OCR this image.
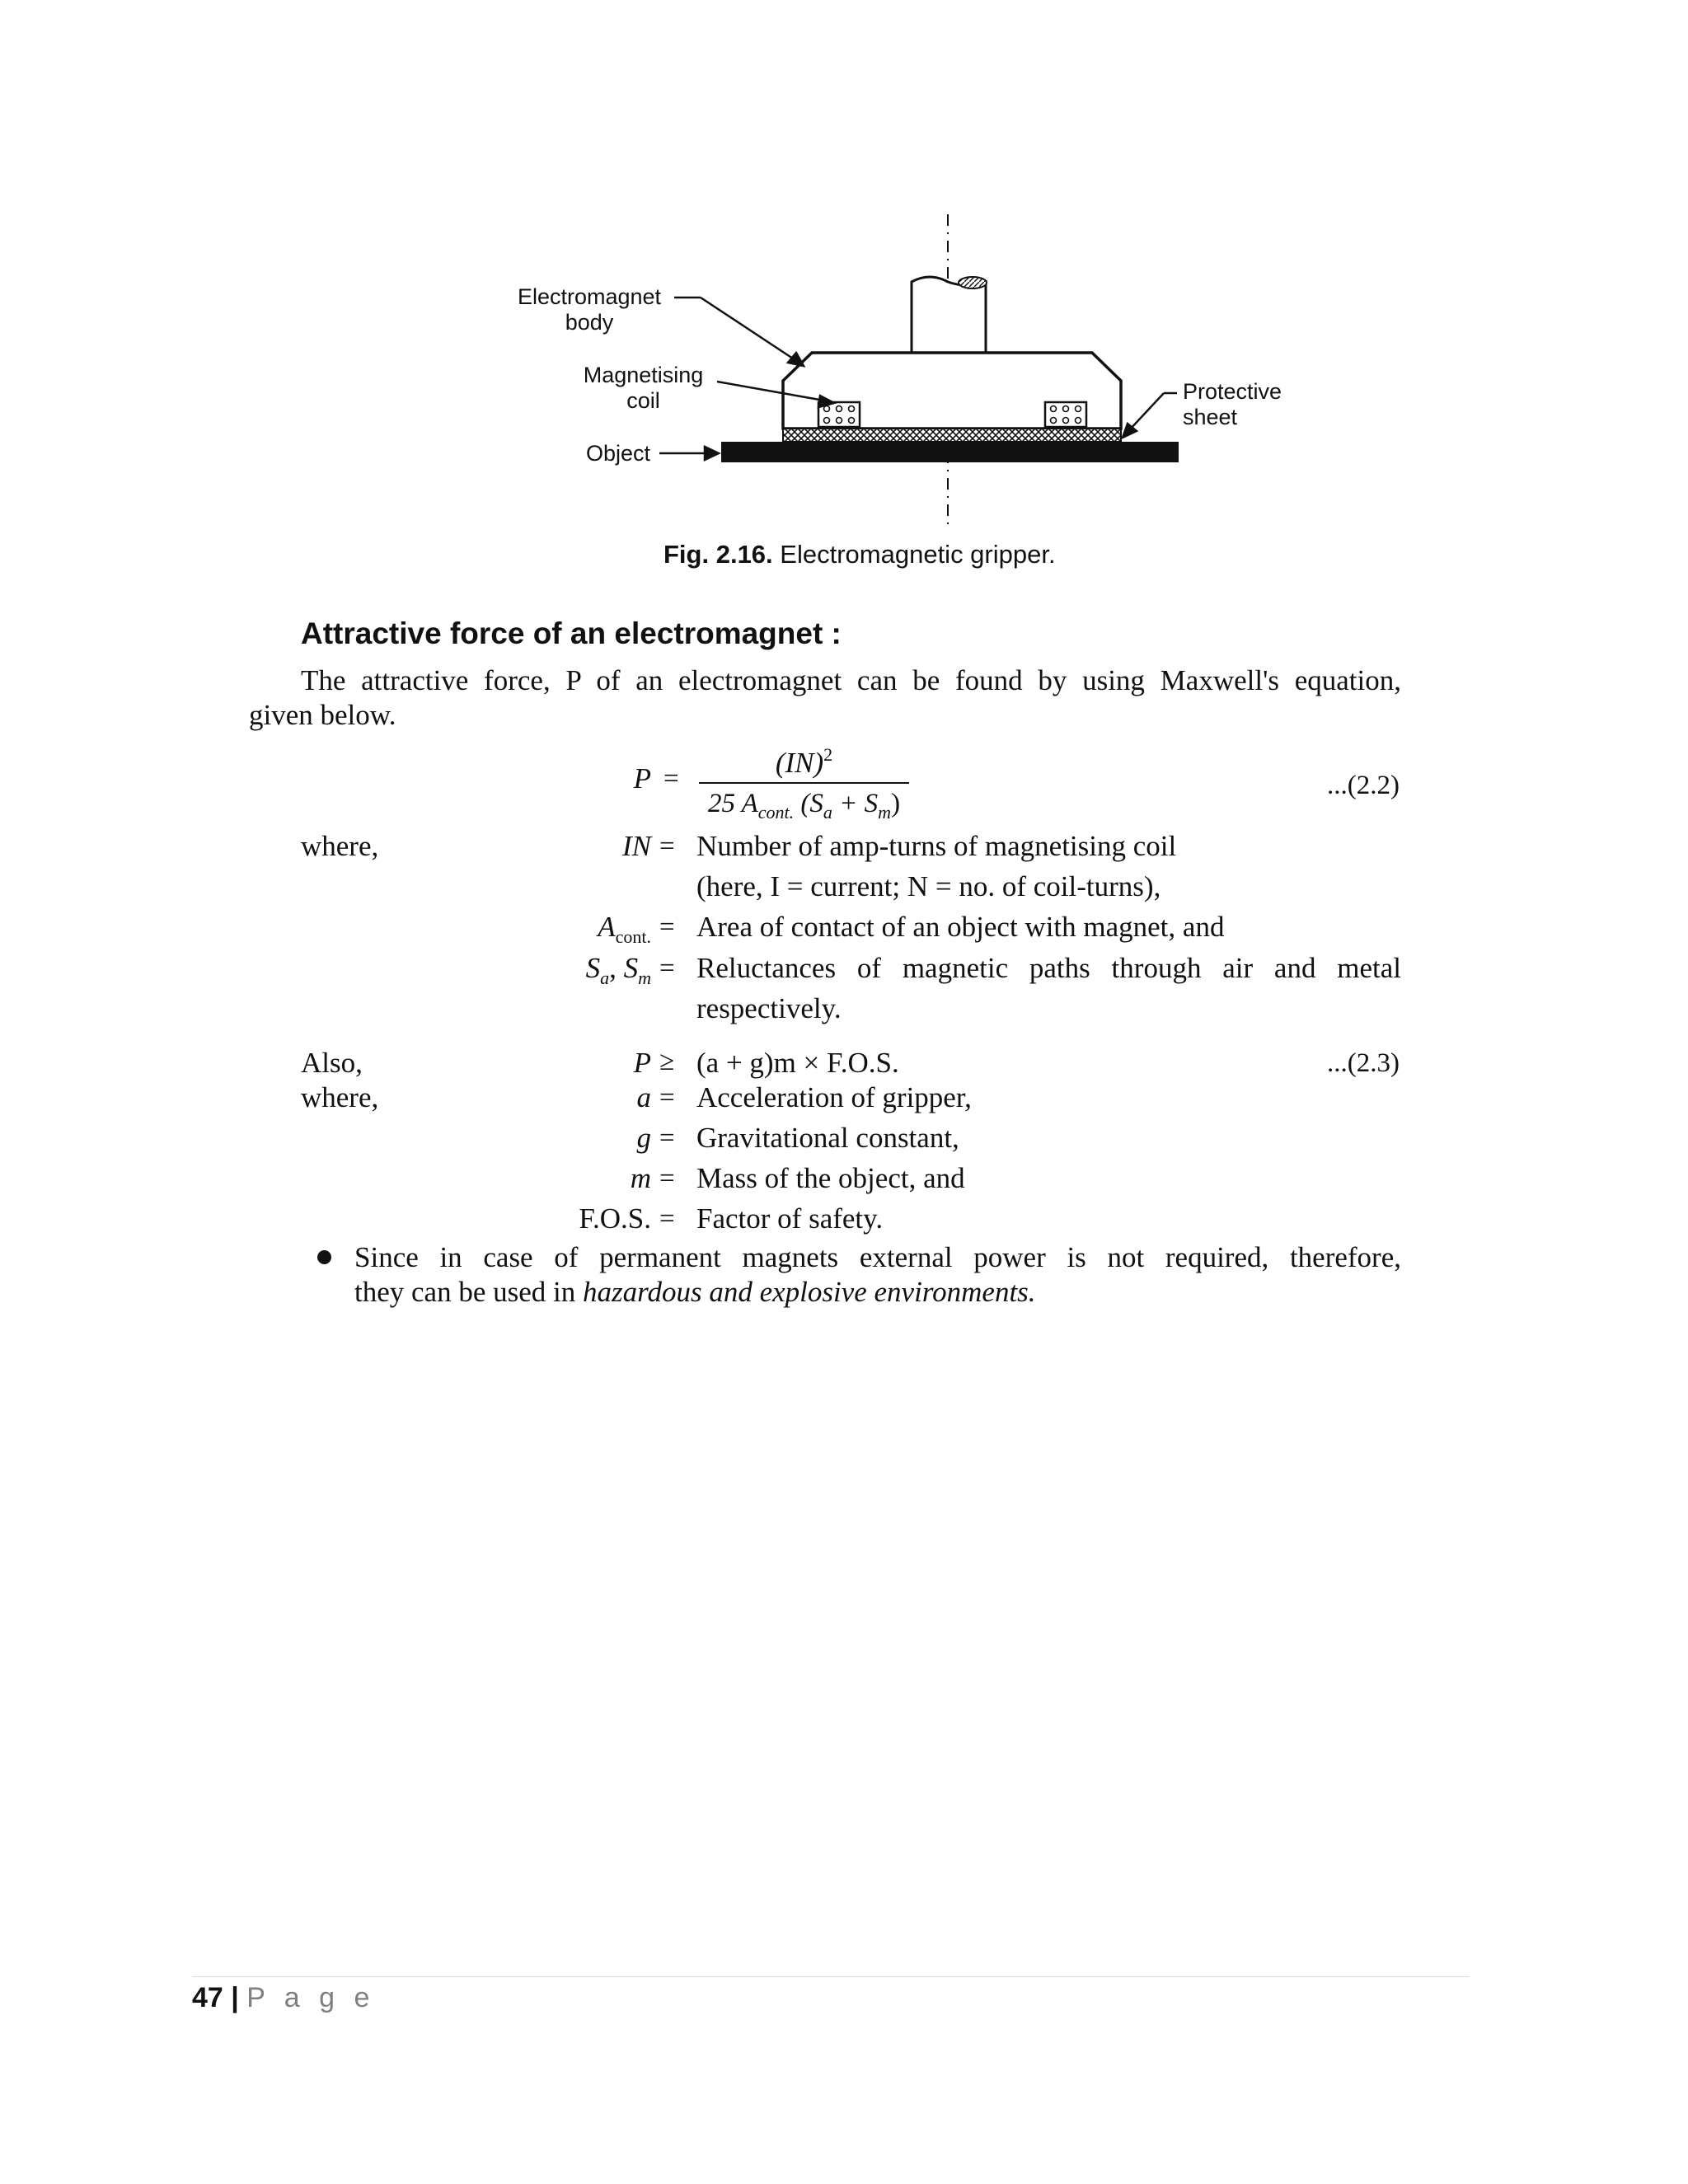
Electromagnet
body
Magnetising
coil
Object
Protective
sheet
Fig. 2.16. Electromagnetic gripper.
Attractive force of an electromagnet :
The attractive force, P of an electromagnet can be found by using Maxwell's equation,
given below.
P =	(IN)$^2$
25 $A_{cont.}$ $(S_a + S_m)$
...(2.2)
where,	IN = Number of amp-turns of magnetising coil
(here, I = current; N = no. of coil-turns),
$A_{cont.}$ = Area of contact of an object with magnet, and
$S_a$, $S_m$ = Reluctances of magnetic paths through air and metal
respectively.
Also,	P ≥ (a + g)m × F.O.S.	...(2.3)
where,	a = Acceleration of gripper,
g = Gravitational constant,
m = Mass of the object, and
F.O.S. = Factor of safety.
Since in case of permanent magnets external power is not required, therefore,
they can be used in hazardous and explosive environments.
47 | P a g e
